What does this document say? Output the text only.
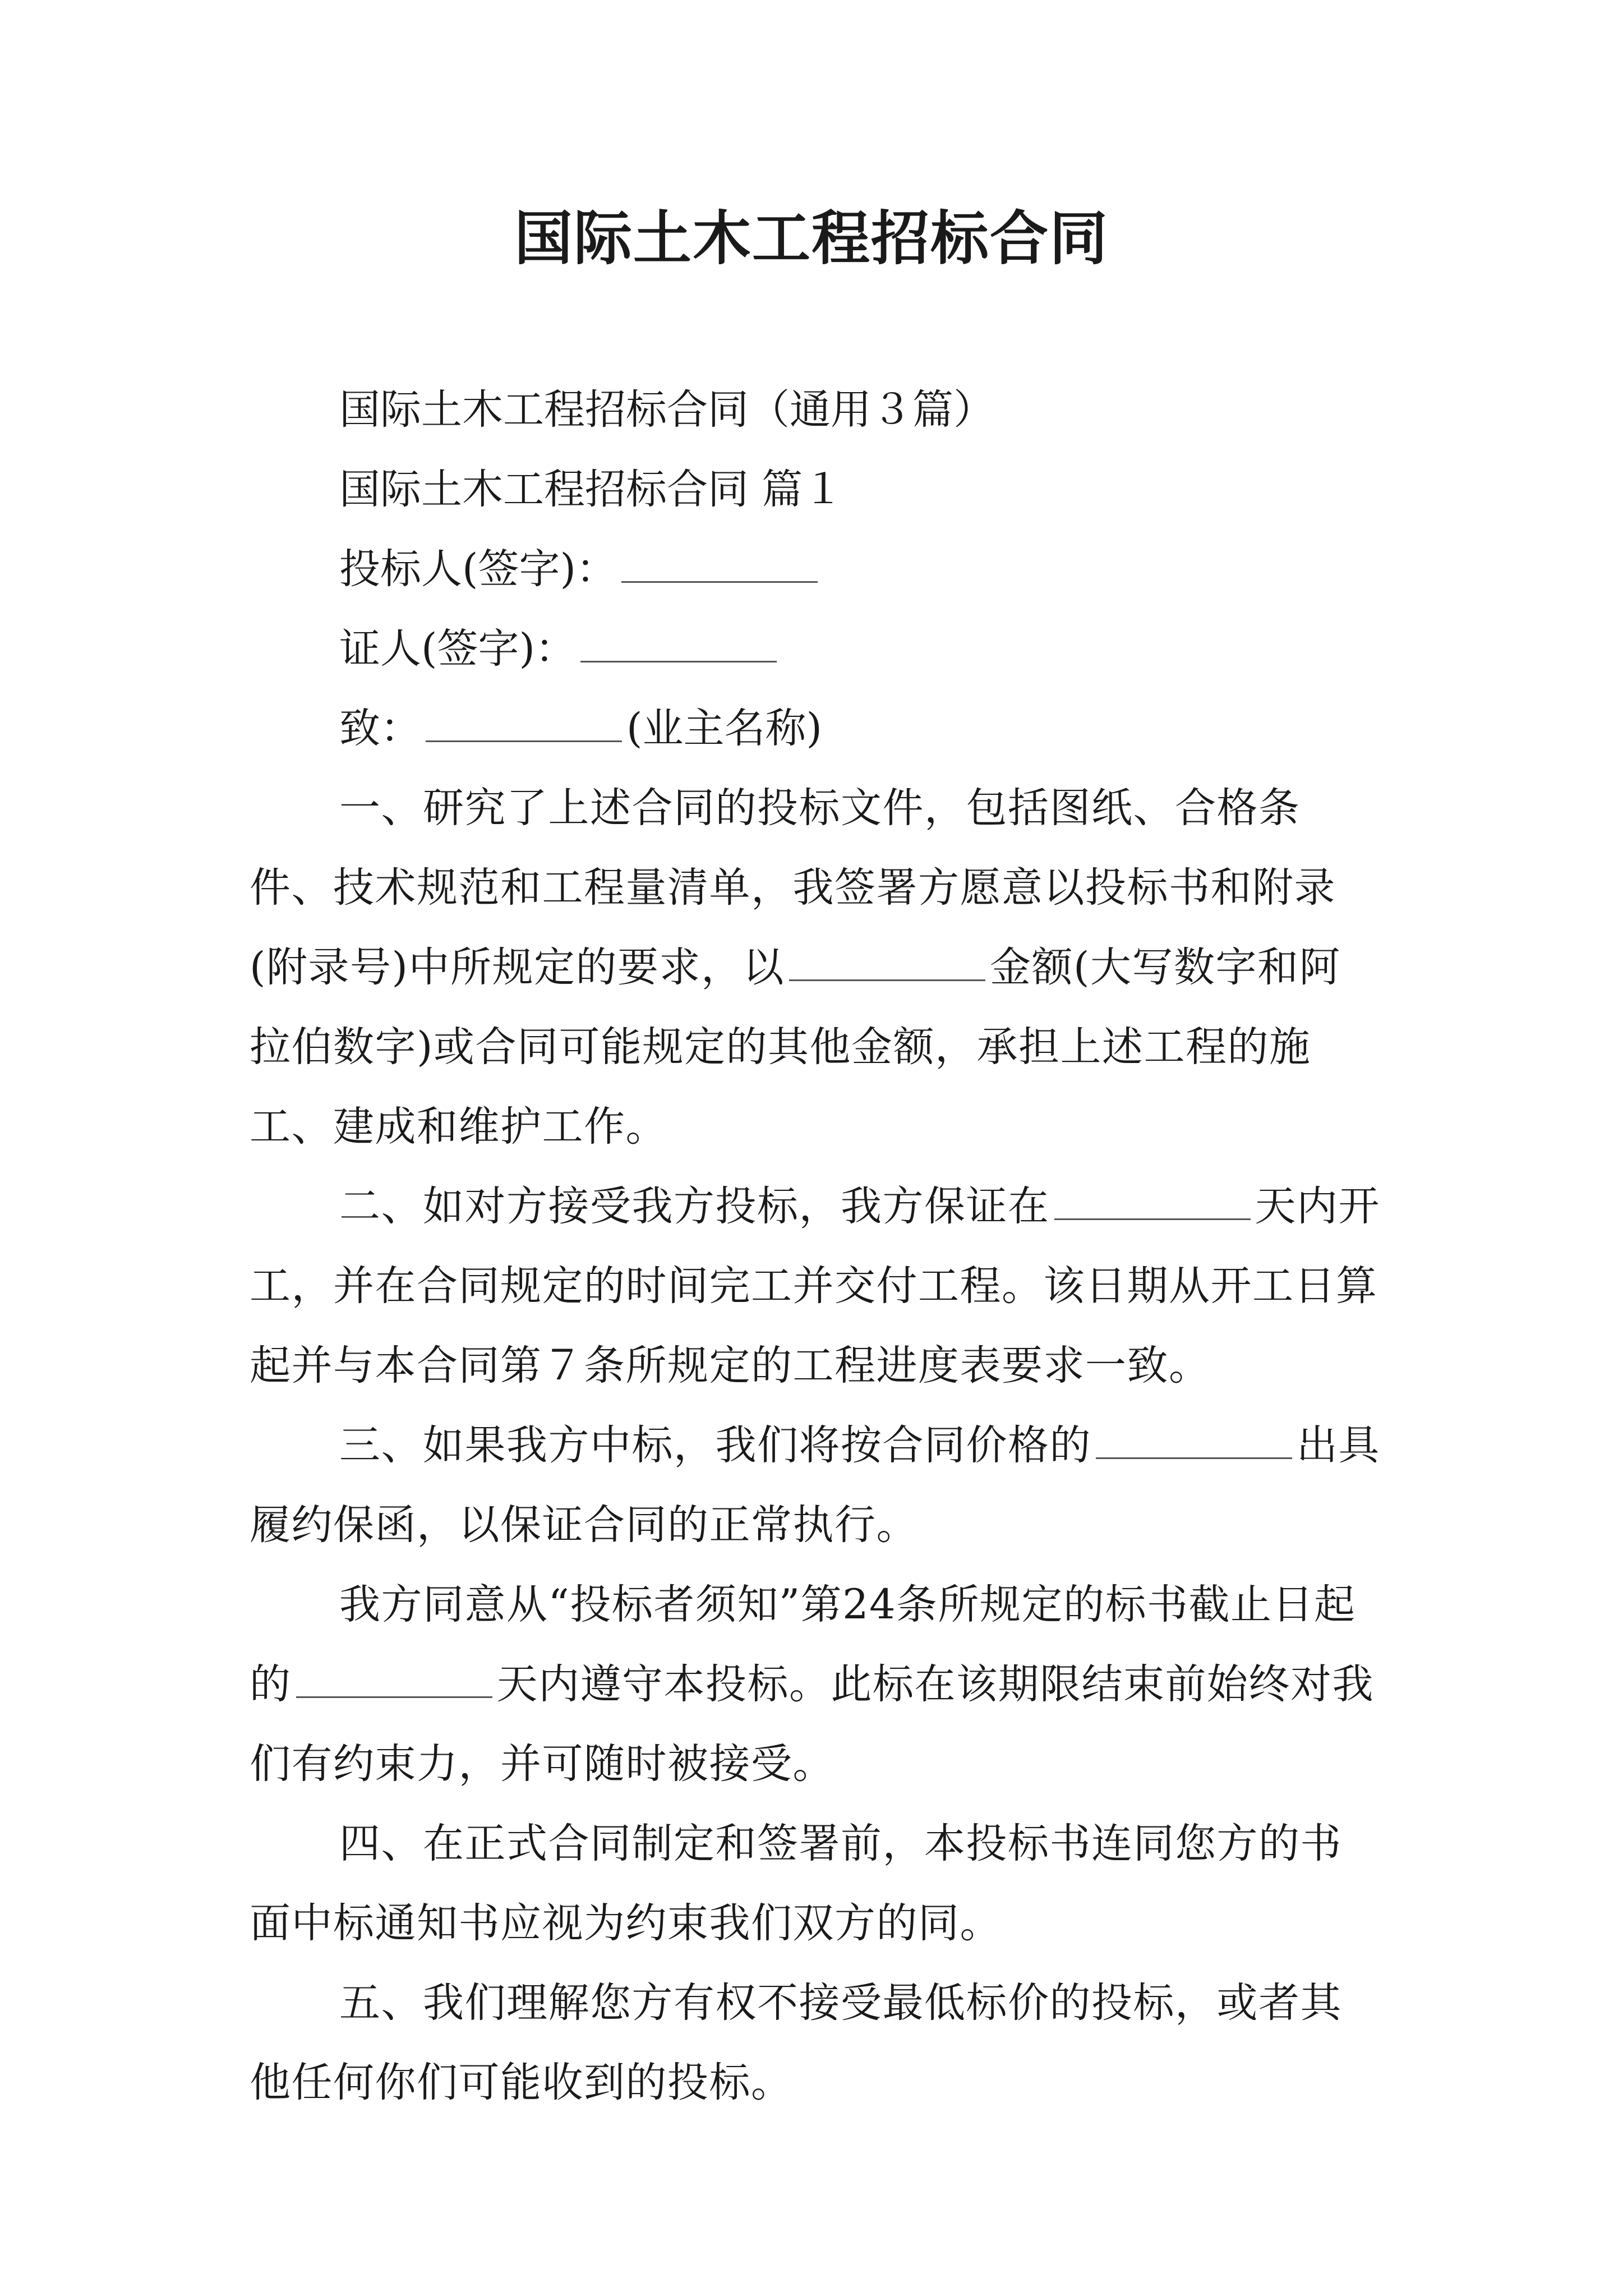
国际土木工程招标合同

国际土木工程招标合同（通用３篇）

国际土木工程招标合同 篇１

投标人(签字)：

证人(签字)：

致：	(业主名称)

一、研究了上述合同的投标文件，包括图纸、合格条件、技术规范和工程量清单，我签署方愿意以投标书和附录(附录号)中所规定的要求，以	金额(大写数字和阿拉伯数字)或合同可能规定的其他金额，承担上述工程的施工、建成和维护工作。

二、如对方接受我方投标，我方保证在	天内开工，并在合同规定的时间完工并交付工程。该日期从开工日算起并与本合同第７条所规定的工程进度表要求一致。

三、如果我方中标，我们将按合同价格的	出具履约保函，以保证合同的正常执行。

我方同意从“投标者须知”第24条所规定的标书截止日起的	天内遵守本投标。此标在该期限结束前始终对我们有约束力，并可随时被接受。

四、在正式合同制定和签署前，本投标书连同您方的书面中标通知书应视为约束我们双方的同。

五、我们理解您方有权不接受最低标价的投标，或者其他任何你们可能收到的投标。
